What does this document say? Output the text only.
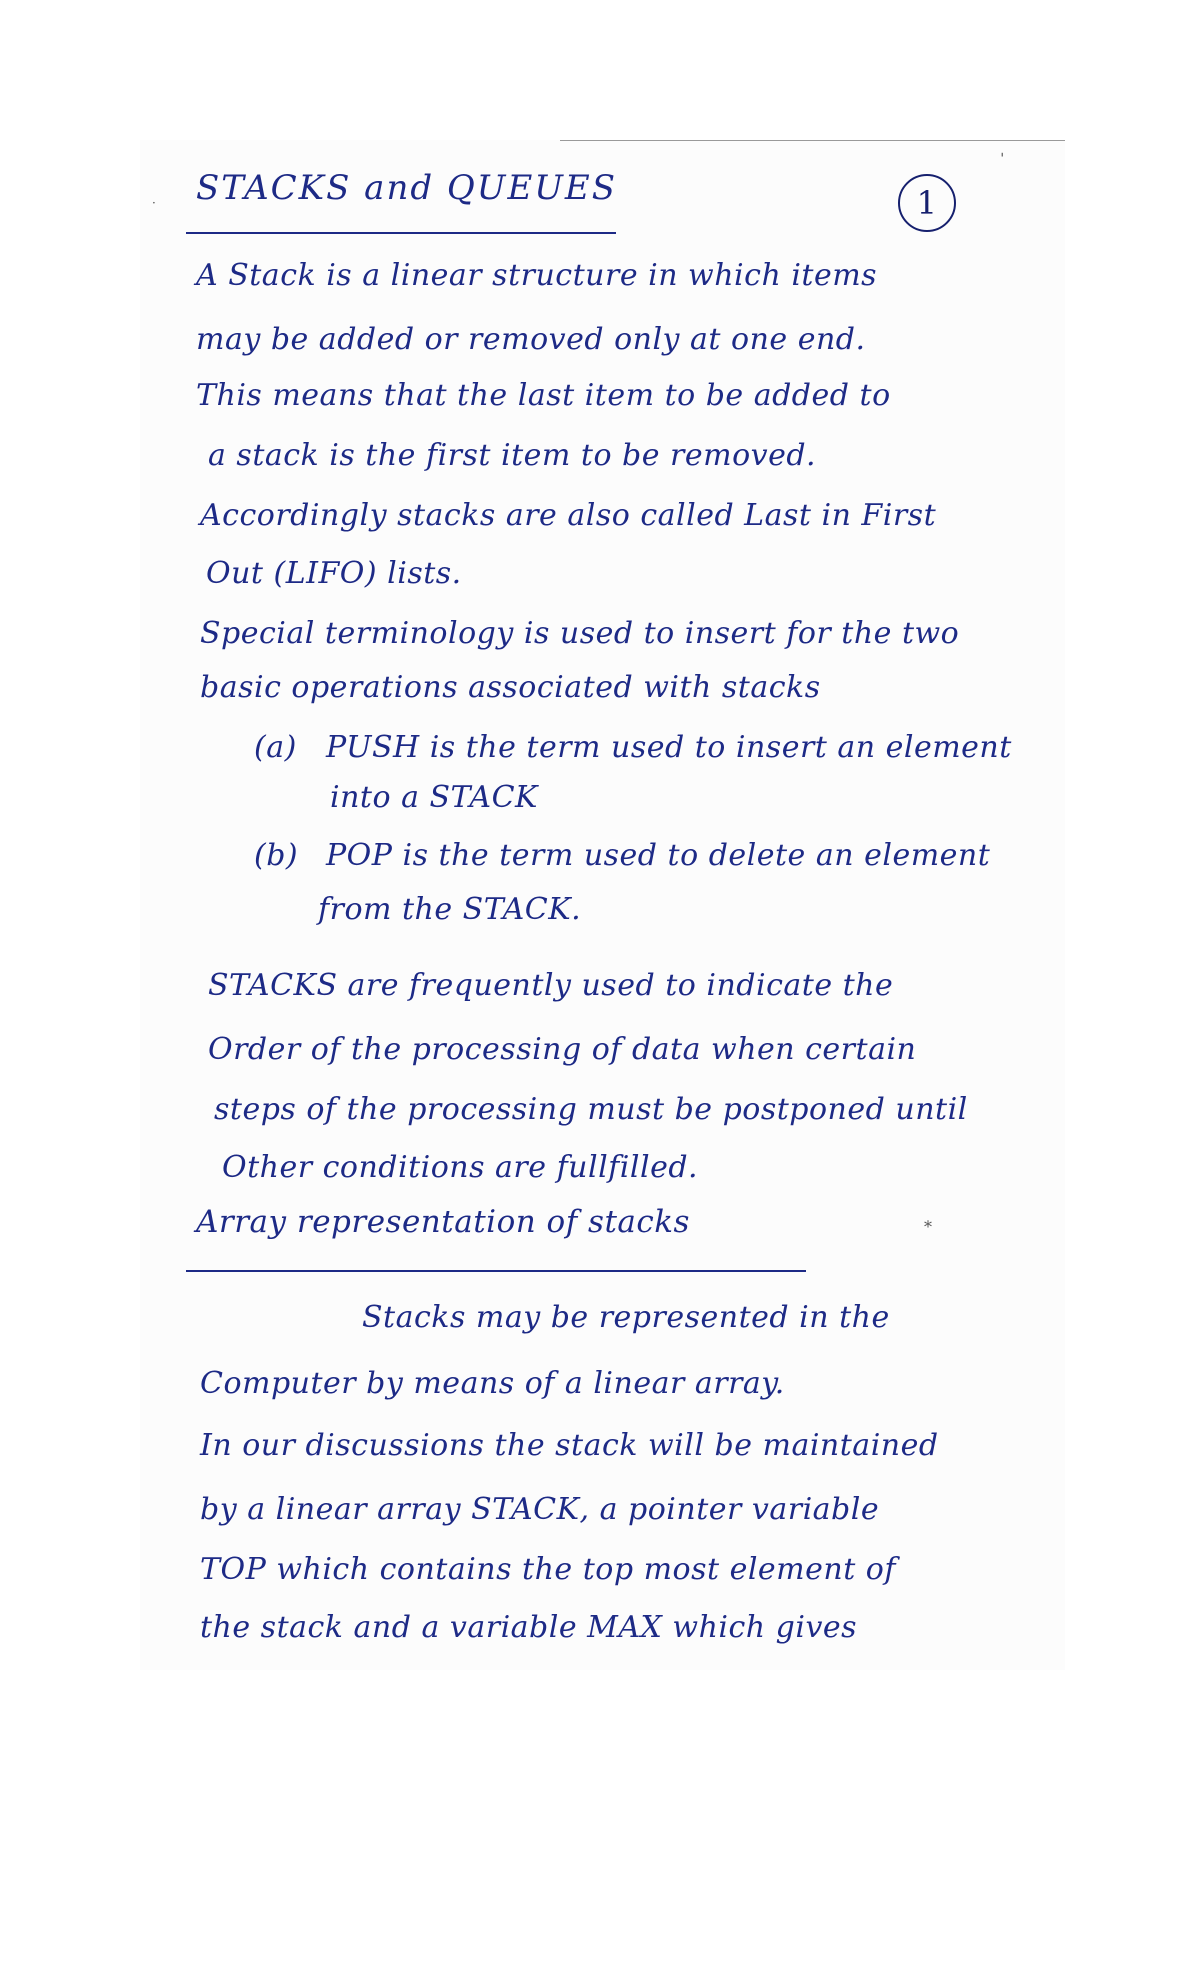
STACKS and QUEUES	1
A Stack is a linear structure in which items
may be added or removed only at one end.
This means that the last item to be added to
a stack is the first item to be removed.
Accordingly stacks are also called Last in First
Out (LIFO) lists.
Special terminology is used to insert for the two
basic operations associated with stacks
(a) PUSH is the term used to insert an element
into a STACK
(b) POP is the term used to delete an element
from the STACK.
STACKS are frequently used to indicate the
Order of the processing of data when certain
steps of the processing must be postponed until
Other conditions are fullfilled.
Array representation of stacks
Stacks may be represented in the
Computer by means of a linear array.
In our discussions the stack will be maintained
by a linear array STACK, a pointer variable
TOP which contains the top most element of
the stack and a variable MAX which gives
·
ˈ
⁎
